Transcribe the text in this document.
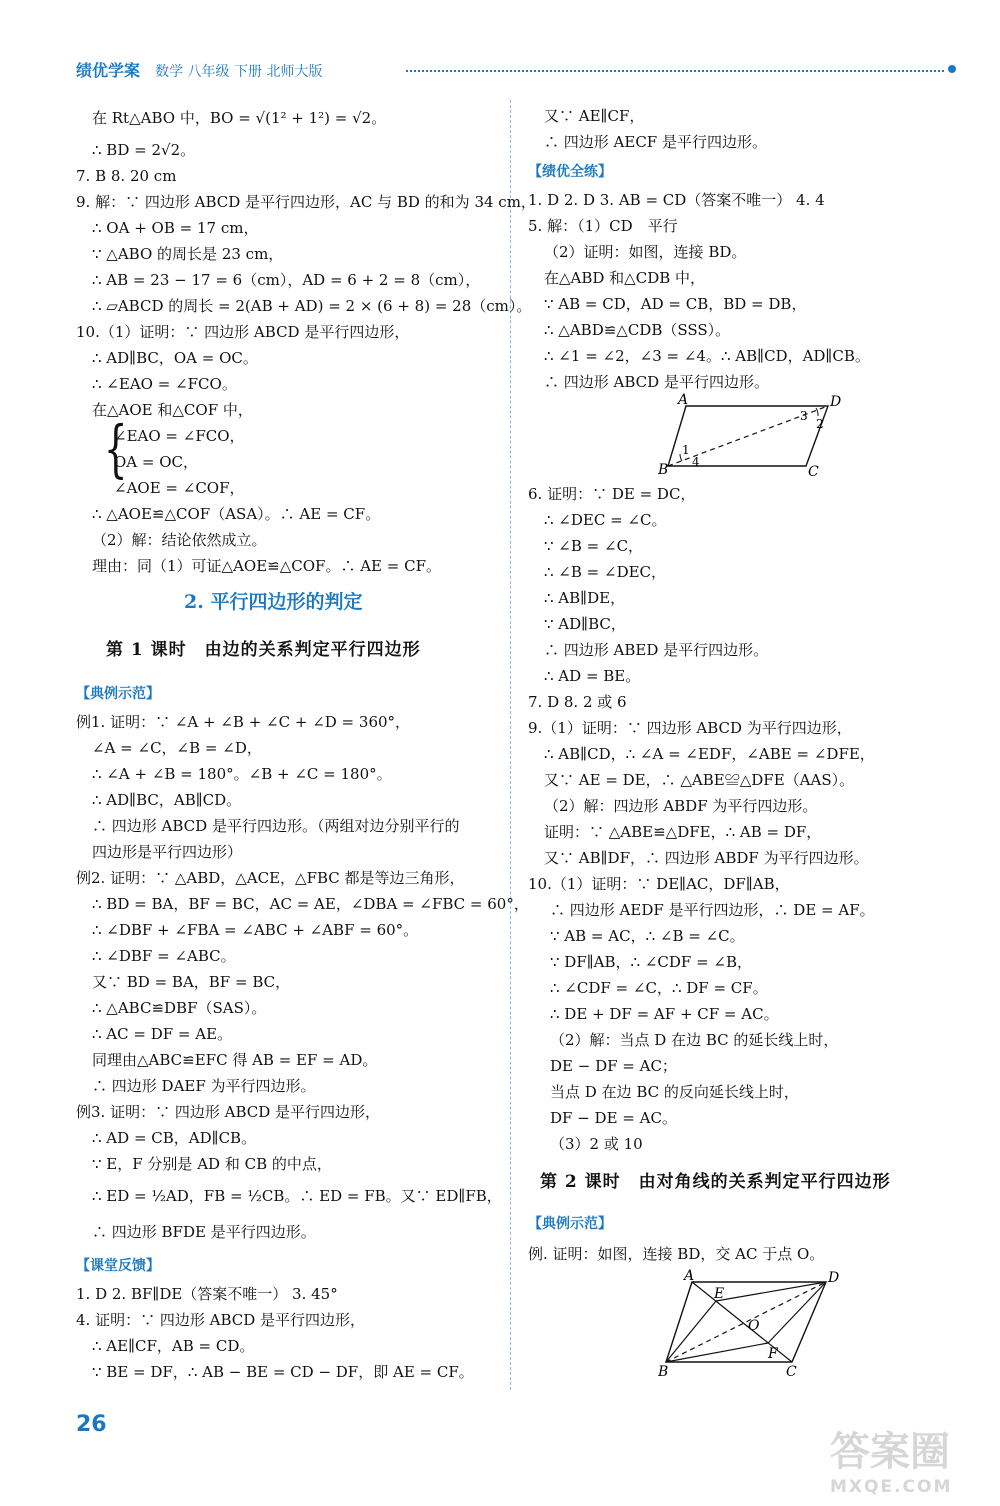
绩优学案 数学 八年级 下册 北师大版
在 Rt△ABO 中，BO = √(1² + 1²) = √2。
∴ BD = 2√2。
7. B 8. 20 cm
9. 解：∵ 四边形 ABCD 是平行四边形，AC 与 BD 的和为 34 cm，
∴ OA + OB = 17 cm，
∵ △ABO 的周长是 23 cm，
∴ AB = 23 − 17 = 6（cm），AD = 6 + 2 = 8（cm），
∴ ▱ABCD 的周长 = 2(AB + AD) = 2 × (6 + 8) = 28（cm）。
10.（1）证明：∵ 四边形 ABCD 是平行四边形，
∴ AD∥BC，OA = OC。
∴ ∠EAO = ∠FCO。
在△AOE 和△COF 中，
{
∠EAO = ∠FCO，
OA = OC，
∠AOE = ∠COF，
∴ △AOE≌△COF（ASA）。∴ AE = CF。
（2）解：结论依然成立。
理由：同（1）可证△AOE≌△COF。∴ AE = CF。
2. 平行四边形的判定
第 1 课时　由边的关系判定平行四边形
【典例示范】
例1. 证明：∵ ∠A + ∠B + ∠C + ∠D = 360°，
∠A = ∠C，∠B = ∠D，
∴ ∠A + ∠B = 180°。∠B + ∠C = 180°。
∴ AD∥BC，AB∥CD。
∴ 四边形 ABCD 是平行四边形。（两组对边分别平行的
四边形是平行四边形）
例2. 证明：∵ △ABD，△ACE，△FBC 都是等边三角形，
∴ BD = BA，BF = BC，AC = AE，∠DBA = ∠FBC = 60°，
∴ ∠DBF + ∠FBA = ∠ABC + ∠ABF = 60°。
∴ ∠DBF = ∠ABC。
又∵ BD = BA，BF = BC，
∴ △ABC≌DBF（SAS）。
∴ AC = DF = AE。
同理由△ABC≌EFC 得 AB = EF = AD。
∴ 四边形 DAEF 为平行四边形。
例3. 证明：∵ 四边形 ABCD 是平行四边形，
∴ AD = CB，AD∥CB。
∵ E，F 分别是 AD 和 CB 的中点，
∴ ED = ½AD，FB = ½CB。∴ ED = FB。又∵ ED∥FB，
∴ 四边形 BFDE 是平行四边形。
【课堂反馈】
1. D 2. BF∥DE（答案不唯一） 3. 45°
4. 证明：∵ 四边形 ABCD 是平行四边形，
∴ AE∥CF，AB = CD。
∵ BE = DF，∴ AB − BE = CD − DF，即 AE = CF。
又∵ AE∥CF，
∴ 四边形 AECF 是平行四边形。
【绩优全练】
1. D 2. D 3. AB = CD（答案不唯一） 4. 4
5. 解：（1）CD　平行
（2）证明：如图，连接 BD。
在△ABD 和△CDB 中，
∵ AB = CD，AD = CB，BD = DB，
∴ △ABD≌△CDB（SSS）。
∴ ∠1 = ∠2，∠3 = ∠4。∴ AB∥CD，AD∥CB。
∴ 四边形 ABCD 是平行四边形。
A	D
B	C
1
2
3
4
6. 证明：∵ DE = DC，
∴ ∠DEC = ∠C。
∵ ∠B = ∠C，
∴ ∠B = ∠DEC，
∴ AB∥DE，
∵ AD∥BC，
∴ 四边形 ABED 是平行四边形。
∴ AD = BE。
7. D 8. 2 或 6
9.（1）证明：∵ 四边形 ABCD 为平行四边形，
∴ AB∥CD，∴ ∠A = ∠EDF，∠ABE = ∠DFE，
又∵ AE = DE，∴ △ABE≌△DFE（AAS）。
（2）解：四边形 ABDF 为平行四边形。
证明：∵ △ABE≌△DFE，∴ AB = DF，
又∵ AB∥DF，∴ 四边形 ABDF 为平行四边形。
10.（1）证明：∵ DE∥AC，DF∥AB，
∴ 四边形 AEDF 是平行四边形，∴ DE = AF。
∵ AB = AC，∴ ∠B = ∠C。
∵ DF∥AB，∴ ∠CDF = ∠B，
∴ ∠CDF = ∠C，∴ DF = CF。
∴ DE + DF = AF + CF = AC。
（2）解：当点 D 在边 BC 的延长线上时，
DE − DF = AC；
当点 D 在边 BC 的反向延长线上时，
DF − DE = AC。
（3）2 或 10
第 2 课时　由对角线的关系判定平行四边形
【典例示范】
例. 证明：如图，连接 BD，交 AC 于点 O。
A	D
B	C
E
F
O
26
答案圈
MXQE.COM
